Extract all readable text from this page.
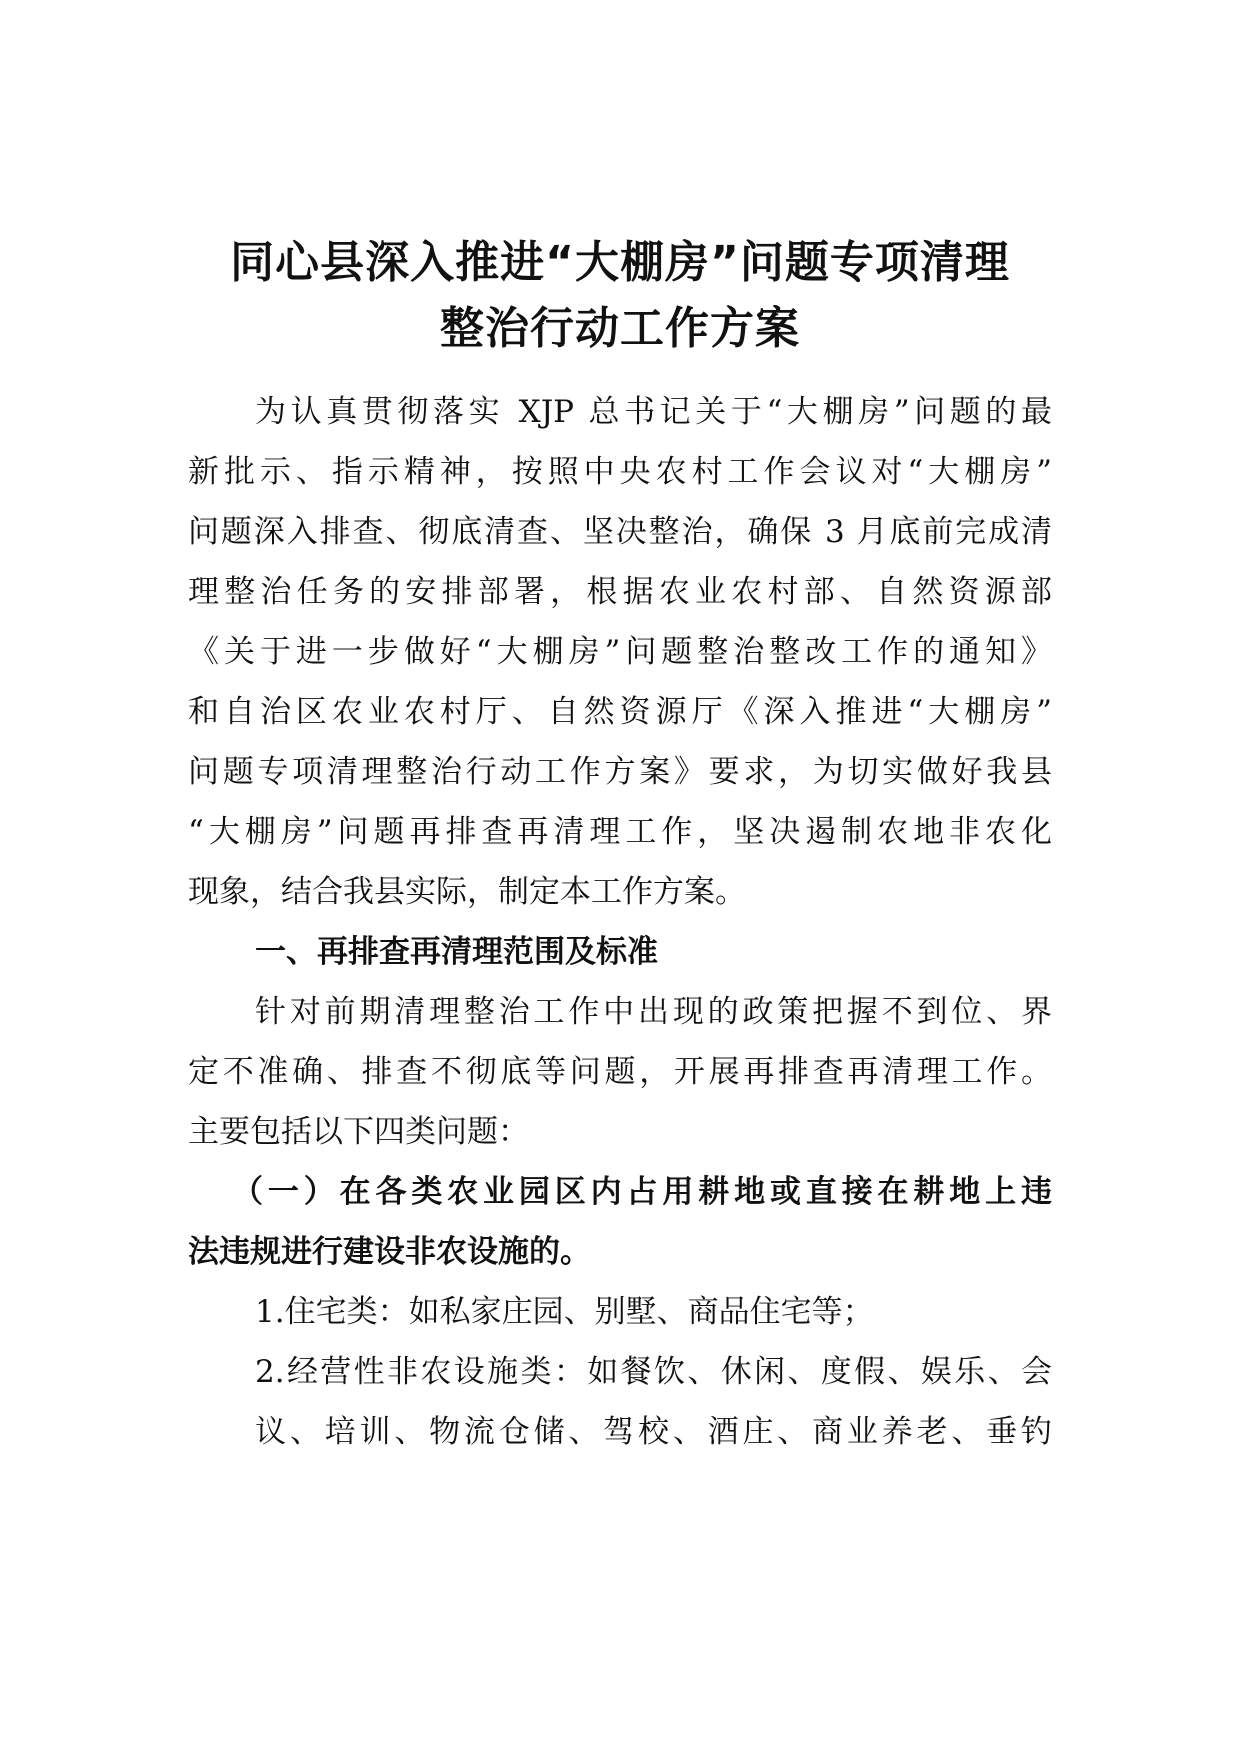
同心县深入推进“大棚房”问题专项清理
整治行动工作方案
为认真贯彻落实 XJP 总书记关于“大棚房”问题的最
新批示、指示精神，按照中央农村工作会议对“大棚房”
问题深入排查、彻底清查、坚决整治，确保 3 月底前完成清
理整治任务的安排部署，根据农业农村部、自然资源部
《关于进一步做好“大棚房”问题整治整改工作的通知》
和自治区农业农村厅、自然资源厅《深入推进“大棚房”
问题专项清理整治行动工作方案》要求，为切实做好我县
“大棚房”问题再排查再清理工作，坚决遏制农地非农化
现象，结合我县实际，制定本工作方案。
一、再排查再清理范围及标准
针对前期清理整治工作中出现的政策把握不到位、界
定不准确、排查不彻底等问题，开展再排查再清理工作。
主要包括以下四类问题：
（一）在各类农业园区内占用耕地或直接在耕地上违
法违规进行建设非农设施的。
1.住宅类：如私家庄园、别墅、商品住宅等；
2.经营性非农设施类：如餐饮、休闲、度假、娱乐、会
议、培训、物流仓储、驾校、酒庄、商业养老、垂钓
